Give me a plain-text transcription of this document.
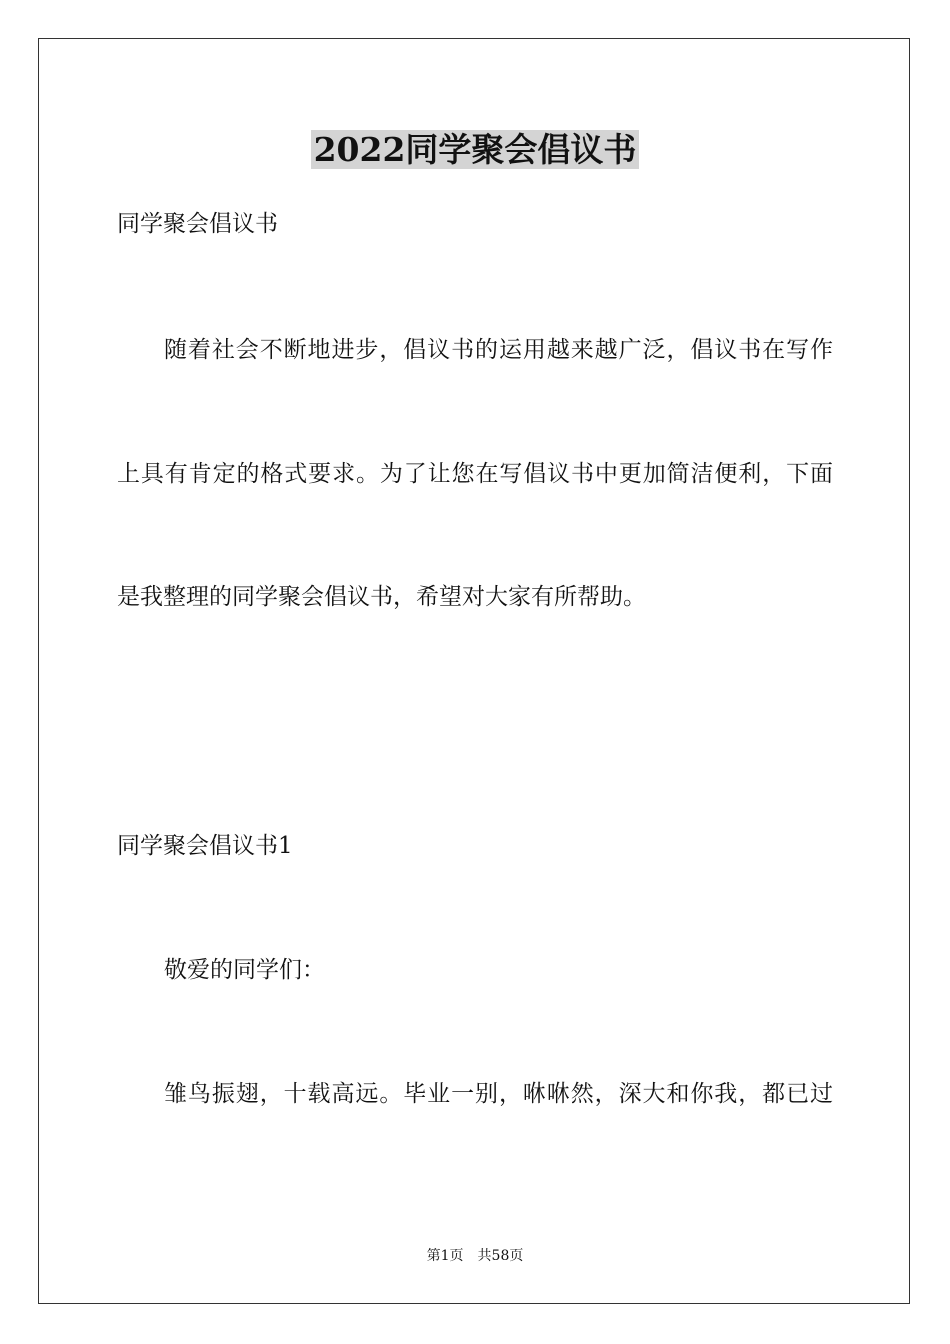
2022同学聚会倡议书
同学聚会倡议书
随着社会不断地进步，倡议书的运用越来越广泛，倡议书在写作
上具有肯定的格式要求。为了让您在写倡议书中更加简洁便利，下面
是我整理的同学聚会倡议书，希望对大家有所帮助。
同学聚会倡议书1
敬爱的同学们：
雏鸟振翅，十载高远。毕业一别，咻咻然，深大和你我，都已过
第1页 共58页
